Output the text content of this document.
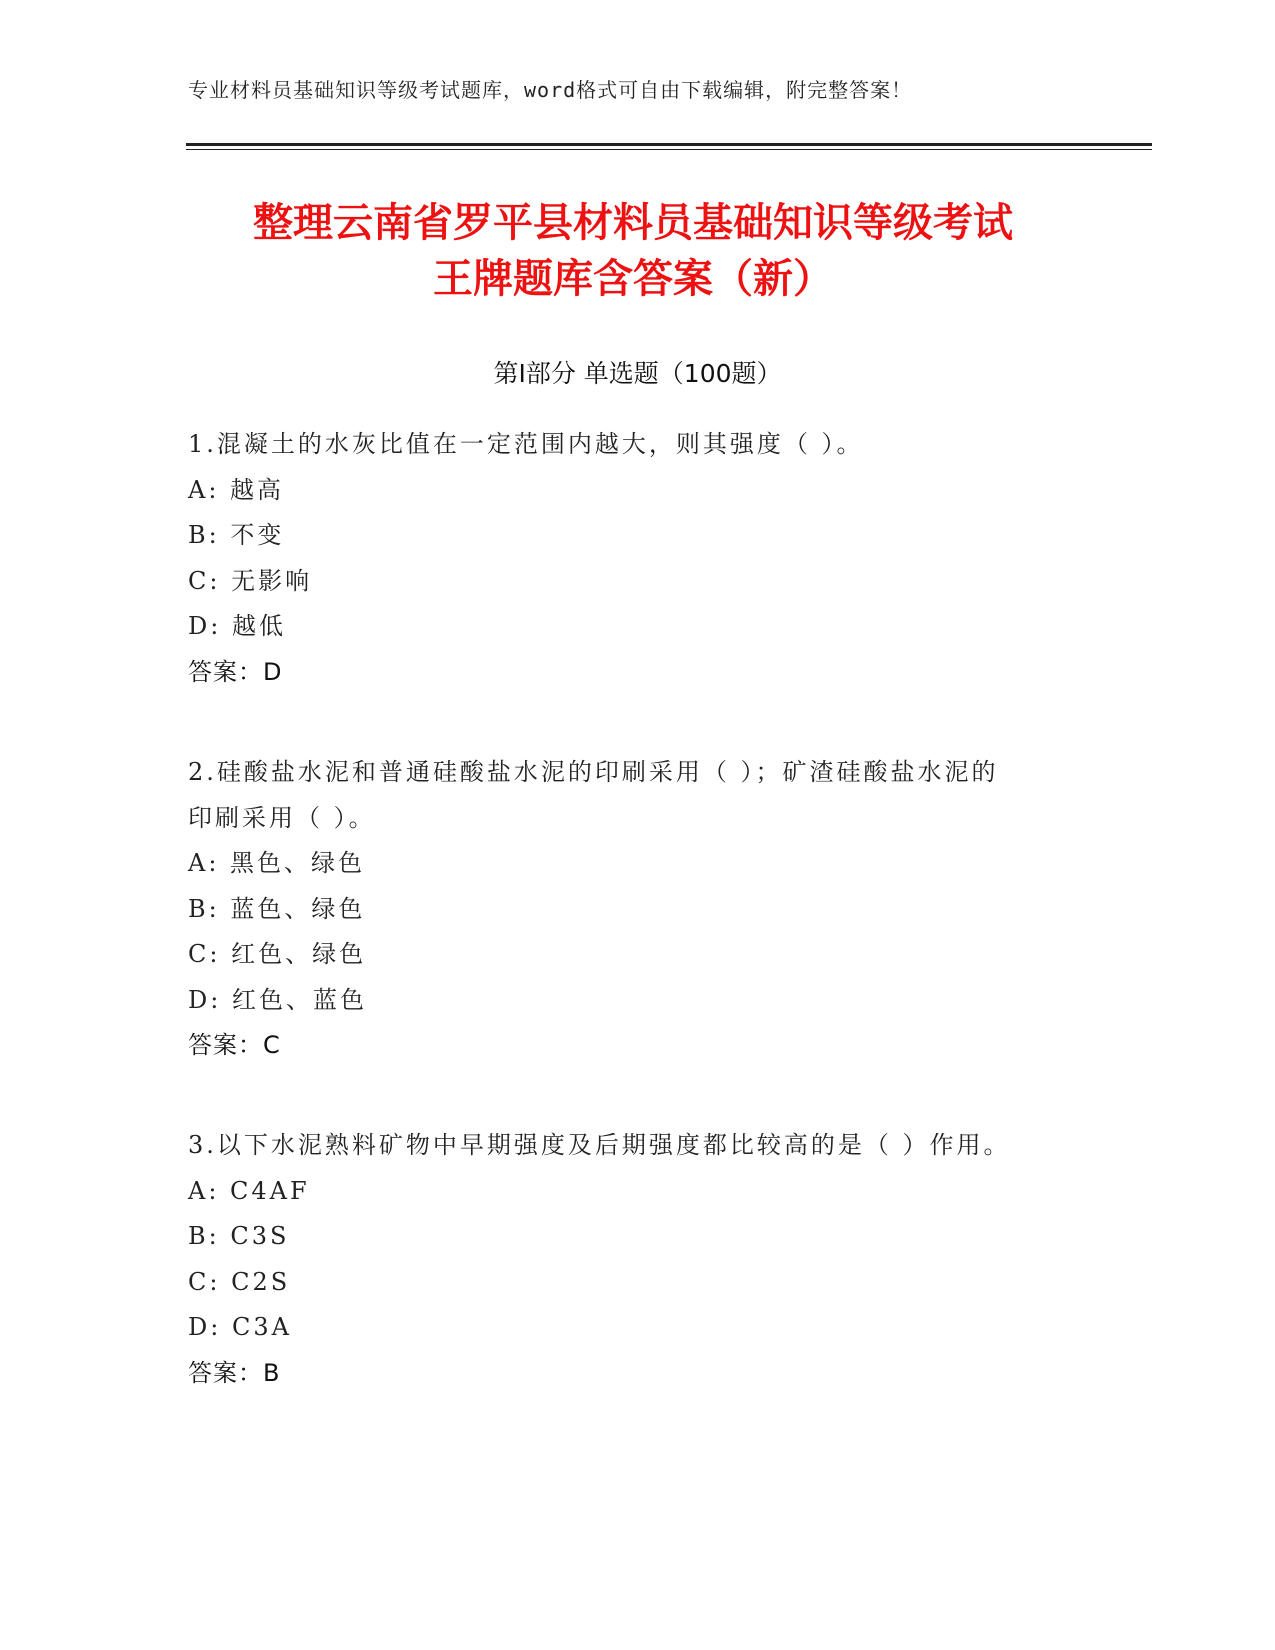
专业材料员基础知识等级考试题库，word格式可自由下载编辑，附完整答案！
整理云南省罗平县材料员基础知识等级考试
王牌题库含答案（新）
第Ⅰ部分 单选题（100题）
1.混凝土的水灰比值在一定范围内越大，则其强度（ ）。
A: 越高
B: 不变
C: 无影响
D: 越低
答案：D
2.硅酸盐水泥和普通硅酸盐水泥的印刷采用（ ）；矿渣硅酸盐水泥的
印刷采用（ ）。
A: 黑色、绿色
B: 蓝色、绿色
C: 红色、绿色
D: 红色、蓝色
答案：C
3.以下水泥熟料矿物中早期强度及后期强度都比较高的是（ ）作用。
A: C4AF
B: C3S
C: C2S
D: C3A
答案：B
